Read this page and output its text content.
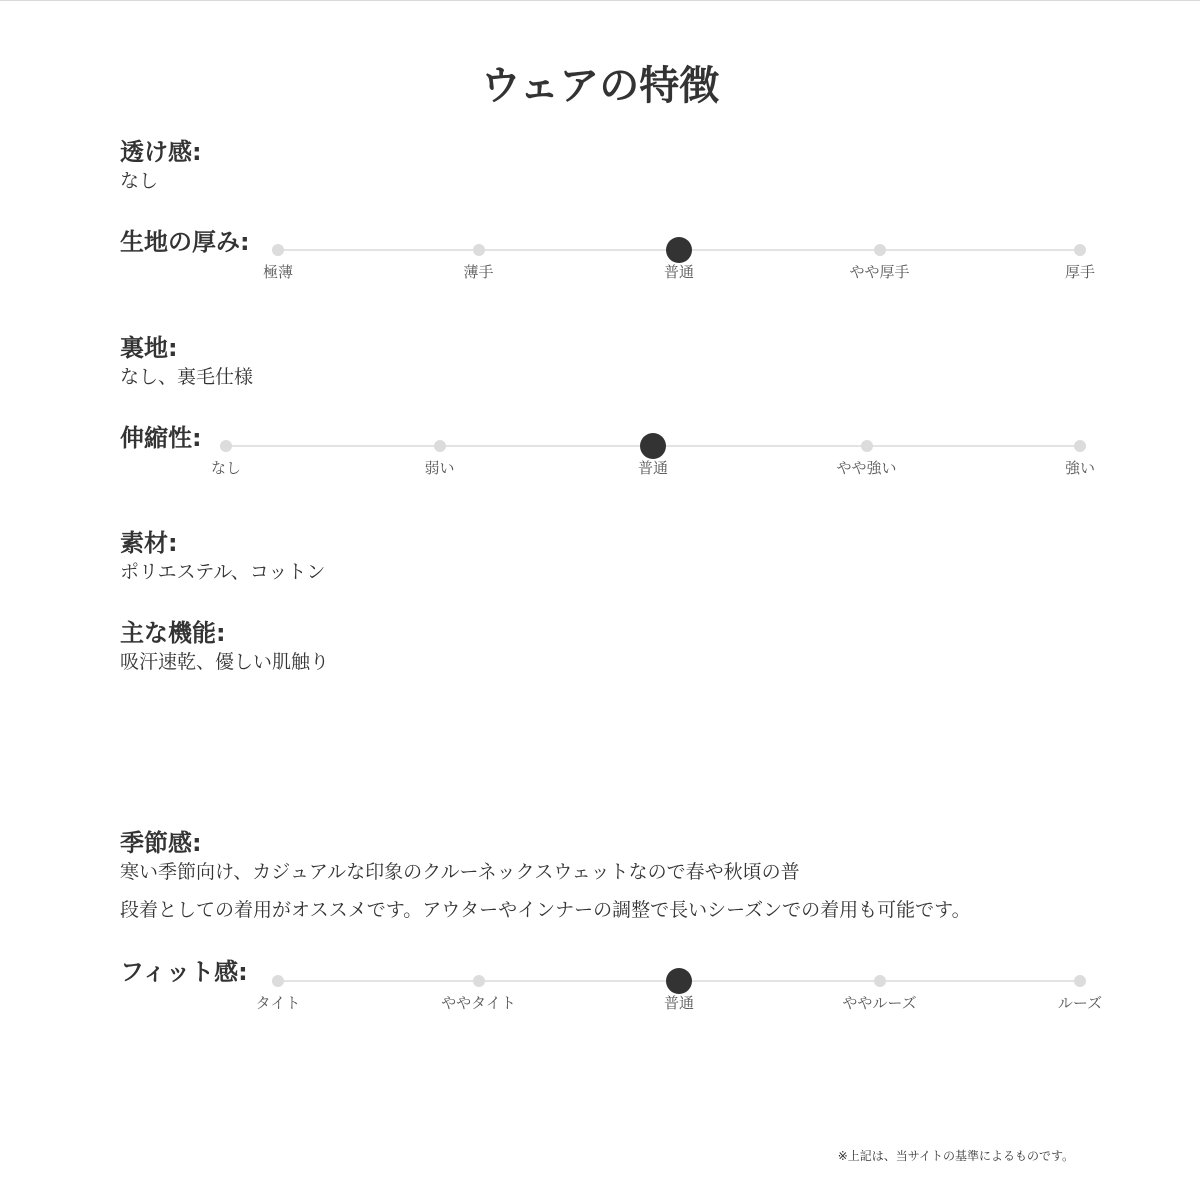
ウェアの特徴
透け感:
なし
生地の厚み:
極薄	薄手	普通	やや厚手	厚手
裏地:
なし、裏毛仕様
伸縮性:
なし	弱い	普通	やや強い	強い
素材:
ポリエステル、コットン
主な機能:
吸汗速乾、優しい肌触り
季節感:
寒い季節向け、カジュアルな印象のクルーネックスウェットなので春や秋頃の普
段着としての着用がオススメです。アウターやインナーの調整で長いシーズンでの着用も可能です。
フィット感:
タイト	ややタイト	普通	ややルーズ	ルーズ
※上記は、当サイトの基準によるものです。
